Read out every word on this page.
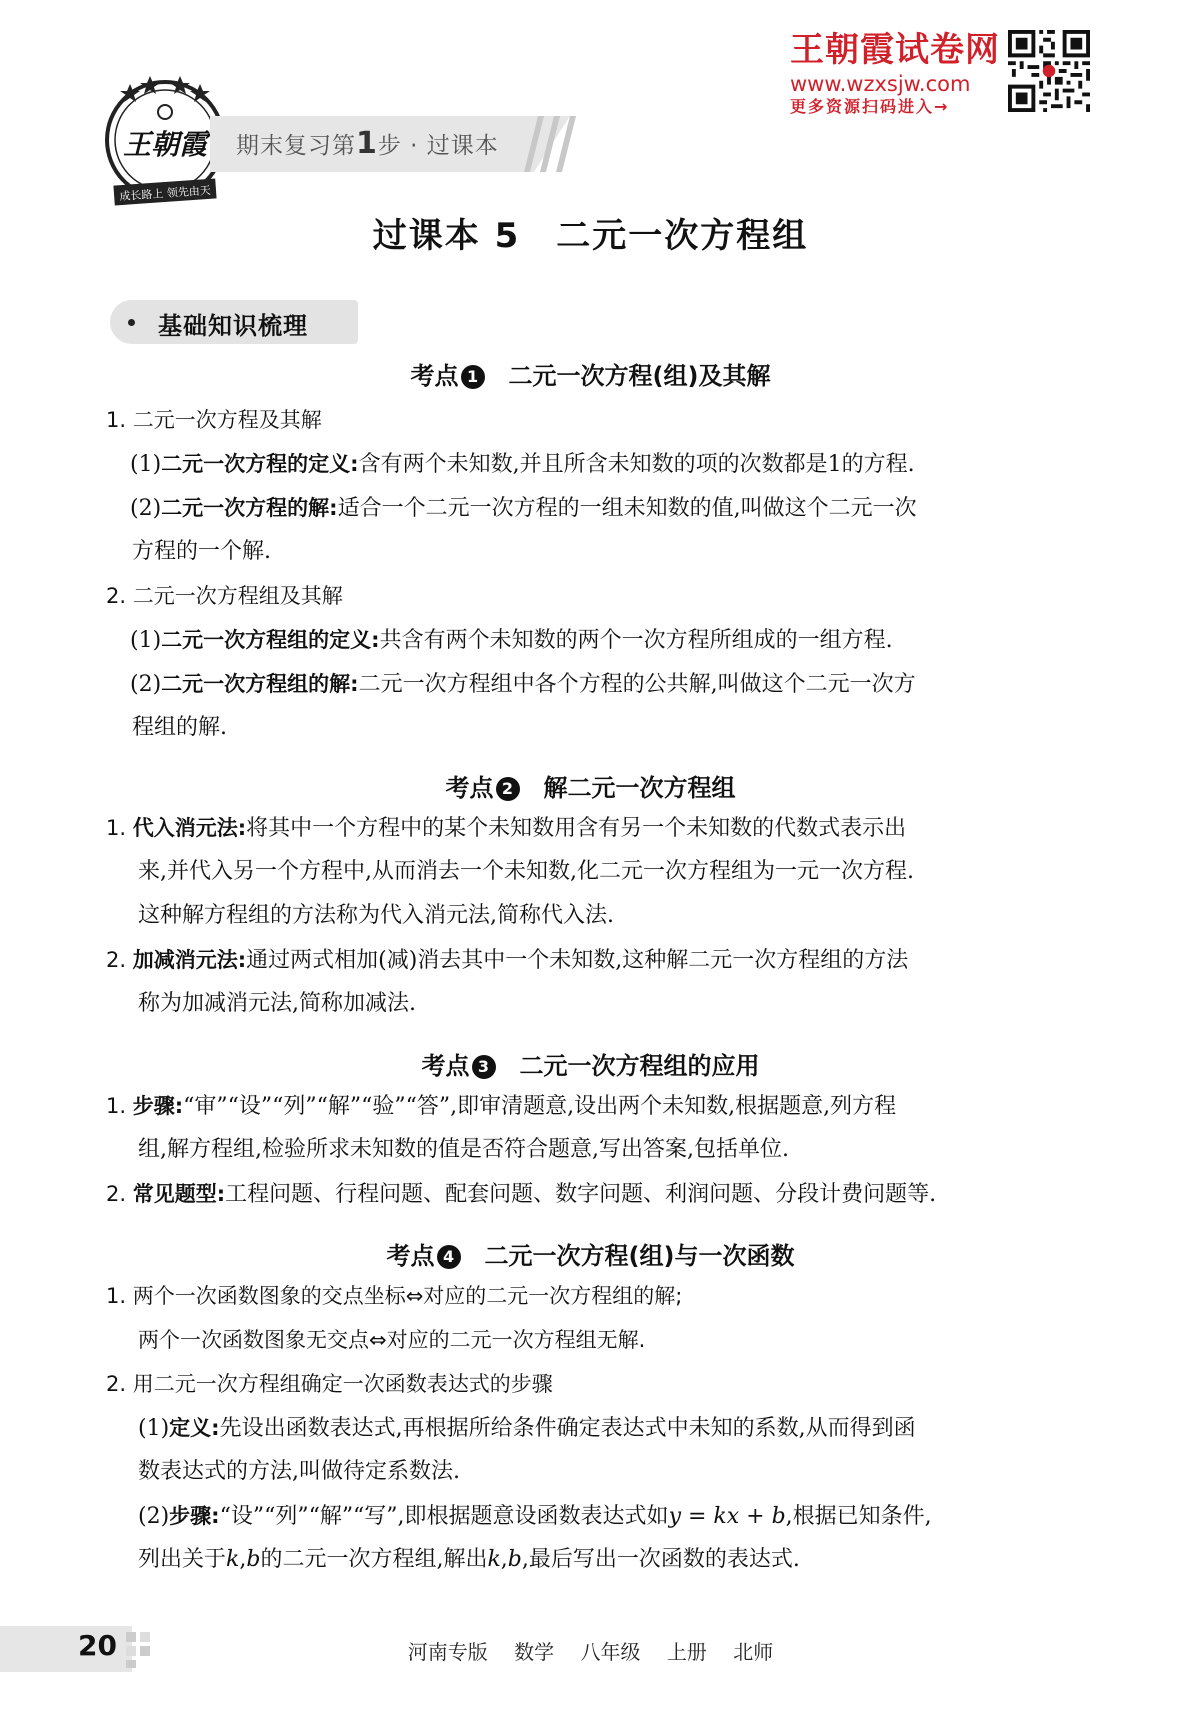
王朝霞试卷网
www.wzxsjw.com
更多资源扫码进入→
王朝霞
成长路上 领先由天
期末复习第1步 · 过课本
过课本 5　二元一次方程组
基础知识梳理
考点 1 二元一次方程(组)及其解
1. 二元一次方程及其解
(1)二元一次方程的定义:含有两个未知数,并且所含未知数的项的次数都是1的方程.
(2)二元一次方程的解:适合一个二元一次方程的一组未知数的值,叫做这个二元一次
方程的一个解.
2. 二元一次方程组及其解
(1)二元一次方程组的定义:共含有两个未知数的两个一次方程所组成的一组方程.
(2)二元一次方程组的解:二元一次方程组中各个方程的公共解,叫做这个二元一次方
程组的解.
考点 2 解二元一次方程组
1. 代入消元法:将其中一个方程中的某个未知数用含有另一个未知数的代数式表示出
来,并代入另一个方程中,从而消去一个未知数,化二元一次方程组为一元一次方程.
这种解方程组的方法称为代入消元法,简称代入法.
2. 加减消元法:通过两式相加(减)消去其中一个未知数,这种解二元一次方程组的方法
称为加减消元法,简称加减法.
考点 3 二元一次方程组的应用
1. 步骤:“审”“设”“列”“解”“验”“答”,即审清题意,设出两个未知数,根据题意,列方程
组,解方程组,检验所求未知数的值是否符合题意,写出答案,包括单位.
2. 常见题型:工程问题、行程问题、配套问题、数字问题、利润问题、分段计费问题等.
考点 4 二元一次方程(组)与一次函数
1. 两个一次函数图象的交点坐标⇔对应的二元一次方程组的解;
两个一次函数图象无交点⇔对应的二元一次方程组无解.
2. 用二元一次方程组确定一次函数表达式的步骤
(1)定义:先设出函数表达式,再根据所给条件确定表达式中未知的系数,从而得到函
数表达式的方法,叫做待定系数法.
(2)步骤:“设”“列”“解”“写”,即根据题意设函数表达式如y = kx + b,根据已知条件,
列出关于k,b的二元一次方程组,解出k,b,最后写出一次函数的表达式.
20	河南专版 数学 八年级 上册 北师
